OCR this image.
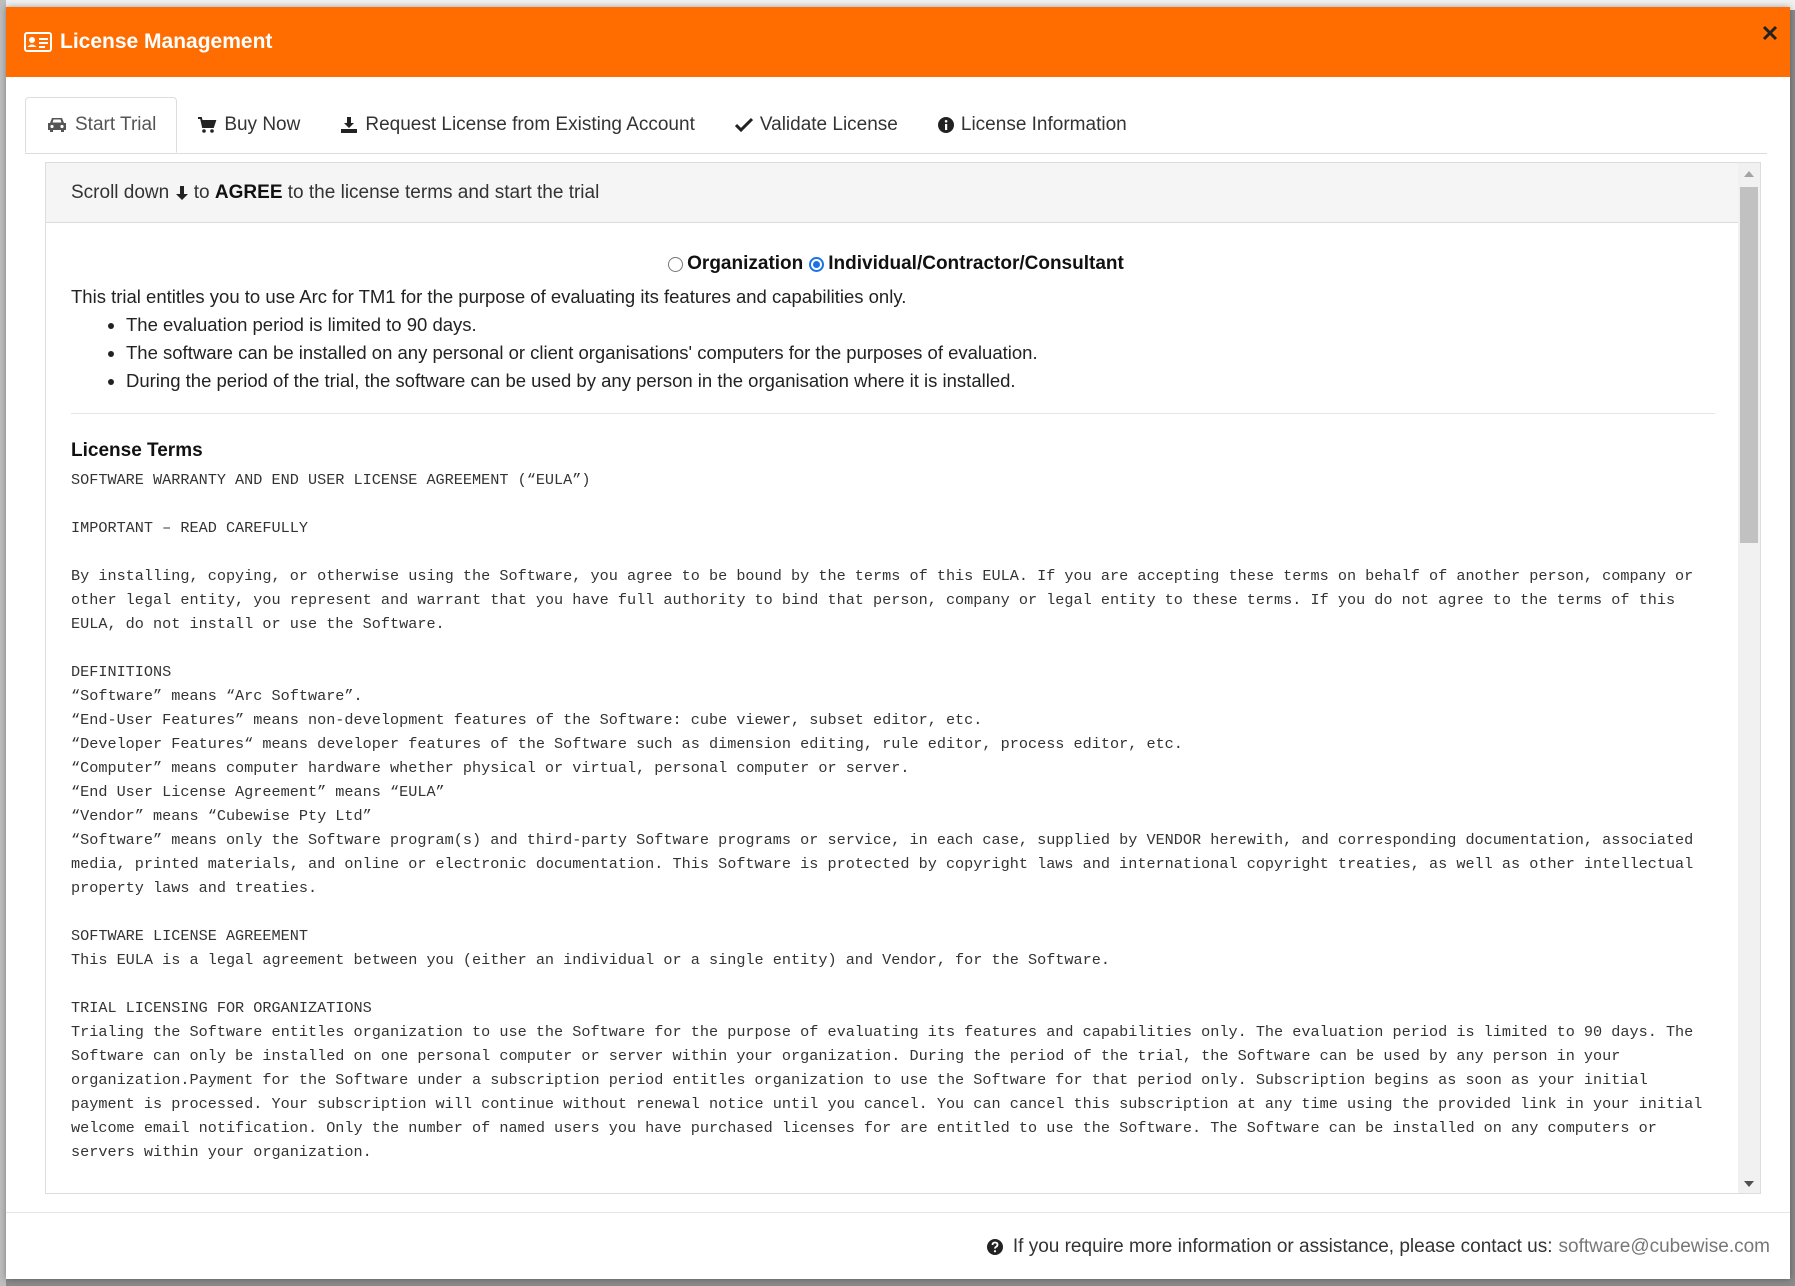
License Management
Start Trial	Buy Now	Request License from Existing Account	Validate License	License Information
Scroll down

to
AGREE
to the license terms and start the trial
Organization Individual/Contractor/Consultant
This trial entitles you to use Arc for TM1 for the purpose of evaluating its features and capabilities only.
• The evaluation period is limited to 90 days.
• The software can be installed on any personal or client organisations' computers for the purposes of evaluation.
• During the period of the trial, the software can be used by any person in the organisation where it is installed.
License Terms
SOFTWARE WARRANTY AND END USER LICENSE AGREEMENT (“EULA”)

IMPORTANT – READ CAREFULLY

By installing, copying, or otherwise using the Software, you agree to be bound by the terms of this EULA. If you are accepting these terms on behalf of another person, company or other legal entity, you represent and warrant that you have full authority to bind that person, company or legal entity to these terms. If you do not agree to the terms of this EULA, do not install or use the Software.

DEFINITIONS
“Software” means “Arc Software”.
“End-User Features” means non-development features of the Software: cube viewer, subset editor, etc.
“Developer Features“ means developer features of the Software such as dimension editing, rule editor, process editor, etc.
“Computer” means computer hardware whether physical or virtual, personal computer or server.
“End User License Agreement” means “EULA”
“Vendor” means “Cubewise Pty Ltd”
“Software” means only the Software program(s) and third-party Software programs or service, in each case, supplied by VENDOR herewith, and corresponding documentation, associated media, printed materials, and online or electronic documentation. This Software is protected by copyright laws and international copyright treaties, as well as other intellectual property laws and treaties.

SOFTWARE LICENSE AGREEMENT
This EULA is a legal agreement between you (either an individual or a single entity) and Vendor, for the Software.

TRIAL LICENSING FOR ORGANIZATIONS
Trialing the Software entitles organization to use the Software for the purpose of evaluating its features and capabilities only. The evaluation period is limited to 90 days. The Software can only be installed on one personal computer or server within your organization. During the period of the trial, the Software can be used by any person in your organization.Payment for the Software under a subscription period entitles organization to use the Software for that period only. Subscription begins as soon as your initial payment is processed. Your subscription will continue without renewal notice until you cancel. You can cancel this subscription at any time using the provided link in your initial welcome email notification. Only the number of named users you have purchased licenses for are entitled to use the Software. The Software can be installed on any computers or servers within your organization.
If you require more information or assistance, please contact us: software@cubewise.com
